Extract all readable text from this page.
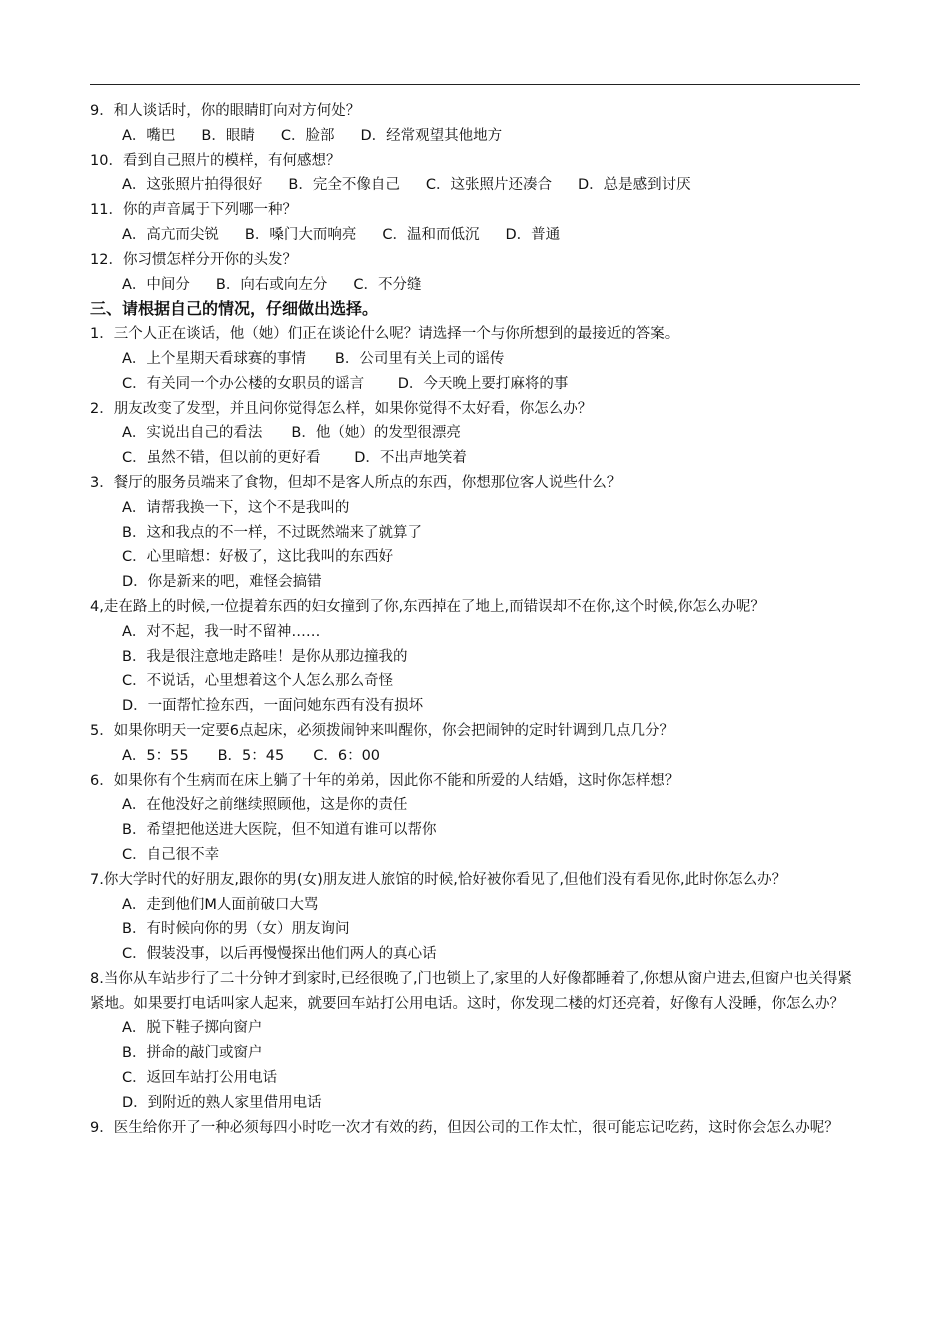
9．和人谈话时，你的眼睛盯向对方何处？
A．嘴巴 B．眼睛 C．脸部 D．经常观望其他地方
10．看到自己照片的模样，有何感想？
A．这张照片拍得很好 B．完全不像自己 C．这张照片还凑合 D．总是感到讨厌
11．你的声音属于下列哪一种？
A．高亢而尖锐 B．嗓门大而响亮 C．温和而低沉 D．普通
12．你习惯怎样分开你的头发？
A．中间分 B．向右或向左分 C．不分缝
三、请根据自己的情况，仔细做出选择。
1．三个人正在谈话，他（她）们正在谈论什么呢？请选择一个与你所想到的最接近的答案。
A．上个星期天看球赛的事情　　B．公司里有关上司的谣传
C．有关同一个办公楼的女职员的谣言　　 D．今天晚上要打麻将的事
2．朋友改变了发型，并且问你觉得怎么样，如果你觉得不太好看，你怎么办？
A．实说出自己的看法　　B．他（她）的发型很漂亮
C．虽然不错，但以前的更好看　　 D．不出声地笑着
3．餐厅的服务员端来了食物，但却不是客人所点的东西，你想那位客人说些什么？
A．请帮我换一下，这个不是我叫的
B．这和我点的不一样，不过既然端来了就算了
C．心里暗想：好极了，这比我叫的东西好
D．你是新来的吧，难怪会搞错
4,走在路上的时候,一位提着东西的妇女撞到了你,东西掉在了地上,而错误却不在你,这个时候,你怎么办呢？
A．对不起，我一时不留神……
B．我是很注意地走路哇！是你从那边撞我的
C．不说话，心里想着这个人怎么那么奇怪
D．一面帮忙捡东西，一面问她东西有没有损坏
5．如果你明天一定要6点起床，必须拨闹钟来叫醒你，你会把闹钟的定时针调到几点几分？
A．5：55　　B．5：45　　C．6：00
6．如果你有个生病而在床上躺了十年的弟弟，因此你不能和所爱的人结婚，这时你怎样想？
A．在他没好之前继续照顾他，这是你的责任
B．希望把他送进大医院，但不知道有谁可以帮你
C．自己很不幸
7.你大学时代的好朋友,跟你的男(女)朋友进人旅馆的时候,恰好被你看见了,但他们没有看见你,此时你怎么办？
A．走到他们M人面前破口大骂
B．有时候向你的男（女）朋友询问
C．假装没事，以后再慢慢探出他们两人的真心话
8.当你从车站步行了二十分钟才到家时,已经很晚了,门也锁上了,家里的人好像都睡着了,你想从窗户进去,但窗户也关得紧紧地。如果要打电话叫家人起来，就要回车站打公用电话。这时，你发现二楼的灯还亮着，好像有人没睡，你怎么办？
A．脱下鞋子掷向窗户
B．拼命的敲门或窗户
C．返回车站打公用电话
D．到附近的熟人家里借用电话
9．医生给你开了一种必须每四小时吃一次才有效的药，但因公司的工作太忙，很可能忘记吃药，这时你会怎么办呢？
